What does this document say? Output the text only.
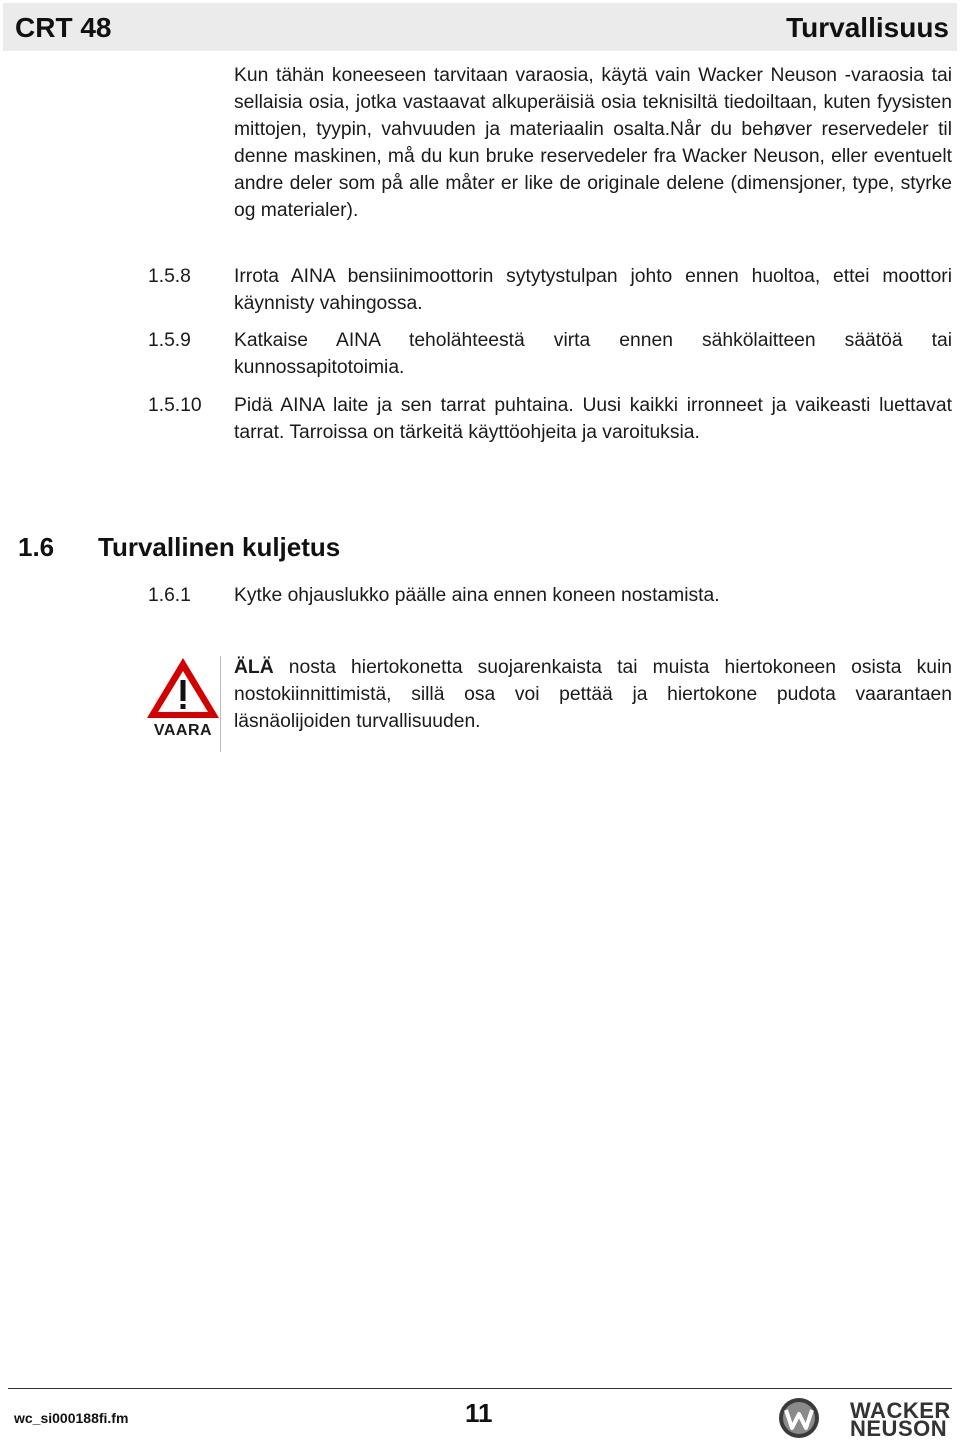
CRT 48	Turvallisuus
Kun tähän koneeseen tarvitaan varaosia, käytä vain Wacker Neuson -varaosia tai sellaisia osia, jotka vastaavat alkuperäisiä osia teknisiltä tiedoiltaan, kuten fyysisten mittojen, tyypin, vahvuuden ja materiaalin osalta.Når du behøver reservedeler til denne maskinen, må du kun bruke reservedeler fra Wacker Neuson, eller eventuelt andre deler som på alle måter er like de originale delene (dimensjoner, type, styrke og materialer).
1.5.8 Irrota AINA bensiinimoottorin sytytystulpan johto ennen huoltoa, ettei moottori käynnisty vahingossa.
1.5.9 Katkaise AINA teholähteestä virta ennen sähkölaitteen säätöä tai kunnossapitotoimia.
1.5.10 Pidä AINA laite ja sen tarrat puhtaina. Uusi kaikki irronneet ja vaikeasti luettavat tarrat. Tarroissa on tärkeitä käyttöohjeita ja varoituksia.
1.6 Turvallinen kuljetus
1.6.1 Kytke ohjauslukko päälle aina ennen koneen nostamista.
VAARA
ÄLÄ nosta hiertokonetta suojarenkaista tai muista hiertokoneen osista kuin nostokiinnittimistä, sillä osa voi pettää ja hiertokone pudota vaarantaen läsnäolijoiden turvallisuuden.
wc_si000188fi.fm	11	WACKER
NEUSON
